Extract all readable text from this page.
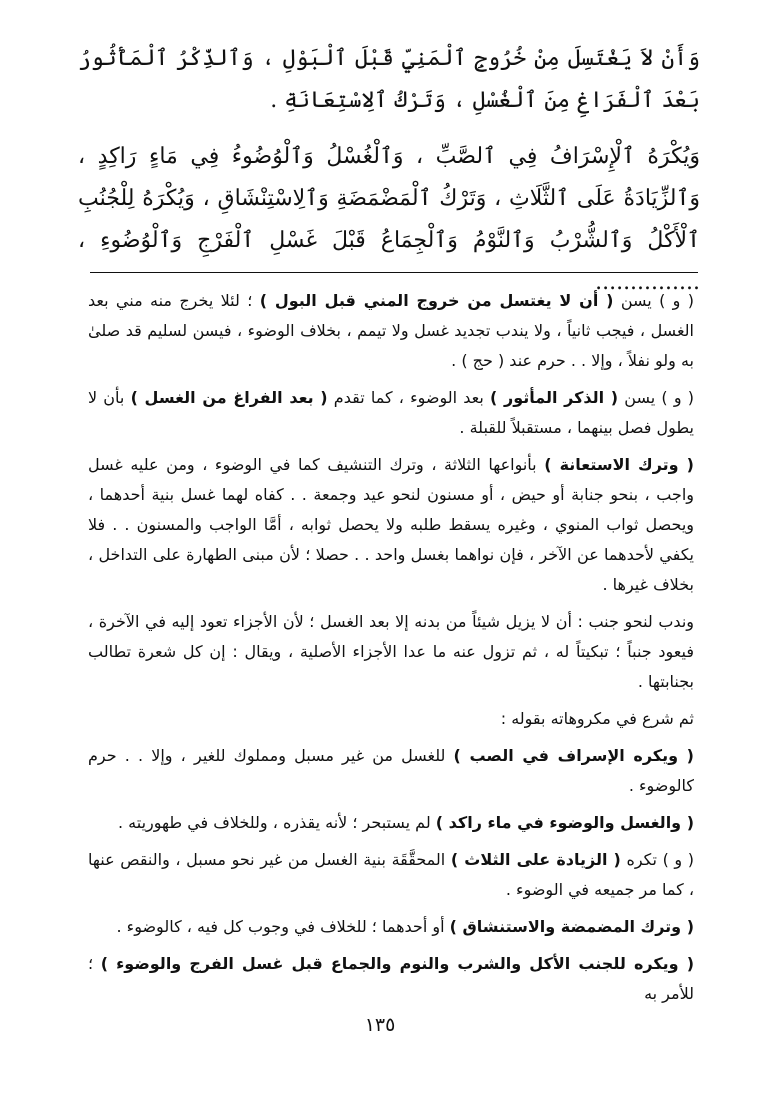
وَأَنْ لاَ يَغْتَسِلَ مِنْ خُرُوجِ ٱلْمَنِيِّ قَبْلَ ٱلْبَوْلِ ، وَٱلذِّكْرُ ٱلْمَأْثُورُ بَعْدَ ٱلْفَرَاغِ مِنَ ٱلْغُسْلِ ، وَتَرْكُ ٱلِاسْتِعَانَةِ .

وَيُكْرَهُ ٱلْإِسْرَافُ فِي ٱلصَّبِّ ، وَٱلْغُسْلُ وَٱلْوُضُوءُ فِي مَاءٍ رَاكِدٍ ، وَٱلزِّيَادَةُ عَلَى ٱلثَّلَاثِ ، وَتَرْكُ ٱلْمَضْمَضَةِ وَٱلِاسْتِنْشَاقِ ، وَيُكْرَهُ لِلْجُنُبِ ٱلْأَكْلُ وَٱلشُّرْبُ وَٱلنَّوْمُ وَٱلْجِمَاعُ قَبْلَ غَسْلِ ٱلْفَرْجِ وَٱلْوُضُوءِ ، ...............

( و ) يسن ( أن لا يغتسل من خروج المني قبل البول ) ؛ لئلا يخرج منه مني بعد الغسل ، فيجب ثانياً ، ولا يندب تجديد غسل ولا تيمم ، بخلاف الوضوء ، فيسن لسليم قد صلىٰ به ولو نفلاً ، وإلا . . حرم عند ( حج ) .

( و ) يسن ( الذكر المأثور ) بعد الوضوء ، كما تقدم ( بعد الفراغ من الغسل ) بأن لا يطول فصل بينهما ، مستقبلاً للقبلة .

( وترك الاستعانة ) بأنواعها الثلاثة ، وترك التنشيف كما في الوضوء ، ومن عليه غسل واجب ، بنحو جنابة أو حيض ، أو مسنون لنحو عيد وجمعة . . كفاه لهما غسل بنية أحدهما ، ويحصل ثواب المنوي ، وغيره يسقط طلبه ولا يحصل ثوابه ، أمَّا الواجب والمسنون . . فلا يكفي لأحدهما عن الآخر ، فإن نواهما بغسل واحد . . حصلا ؛ لأن مبنى الطهارة على التداخل ، بخلاف غيرها .

وندب لنحو جنب : أن لا يزيل شيئاً من بدنه إلا بعد الغسل ؛ لأن الأجزاء تعود إليه في الآخرة ، فيعود جنباً ؛ تبكيتاً له ، ثم تزول عنه ما عدا الأجزاء الأصلية ، ويقال : إن كل شعرة تطالب بجنابتها .

ثم شرع في مكروهاته بقوله :

( ويكره الإسراف في الصب ) للغسل من غير مسبل ومملوك للغير ، وإلا . . حرم كالوضوء .

( والغسل والوضوء في ماء راكد ) لم يستبحر ؛ لأنه يقذره ، وللخلاف في طهوريته .

( و ) تكره ( الزيادة على الثلاث ) المحقَّقَة بنية الغسل من غير نحو مسبل ، والنقص عنها ، كما مر جميعه في الوضوء .

( وترك المضمضة والاستنشاق ) أو أحدهما ؛ للخلاف في وجوب كل فيه ، كالوضوء .

( ويكره للجنب الأكل والشرب والنوم والجماع قبل غسل الفرج والوضوء ) ؛ للأمر به

١٣٥
